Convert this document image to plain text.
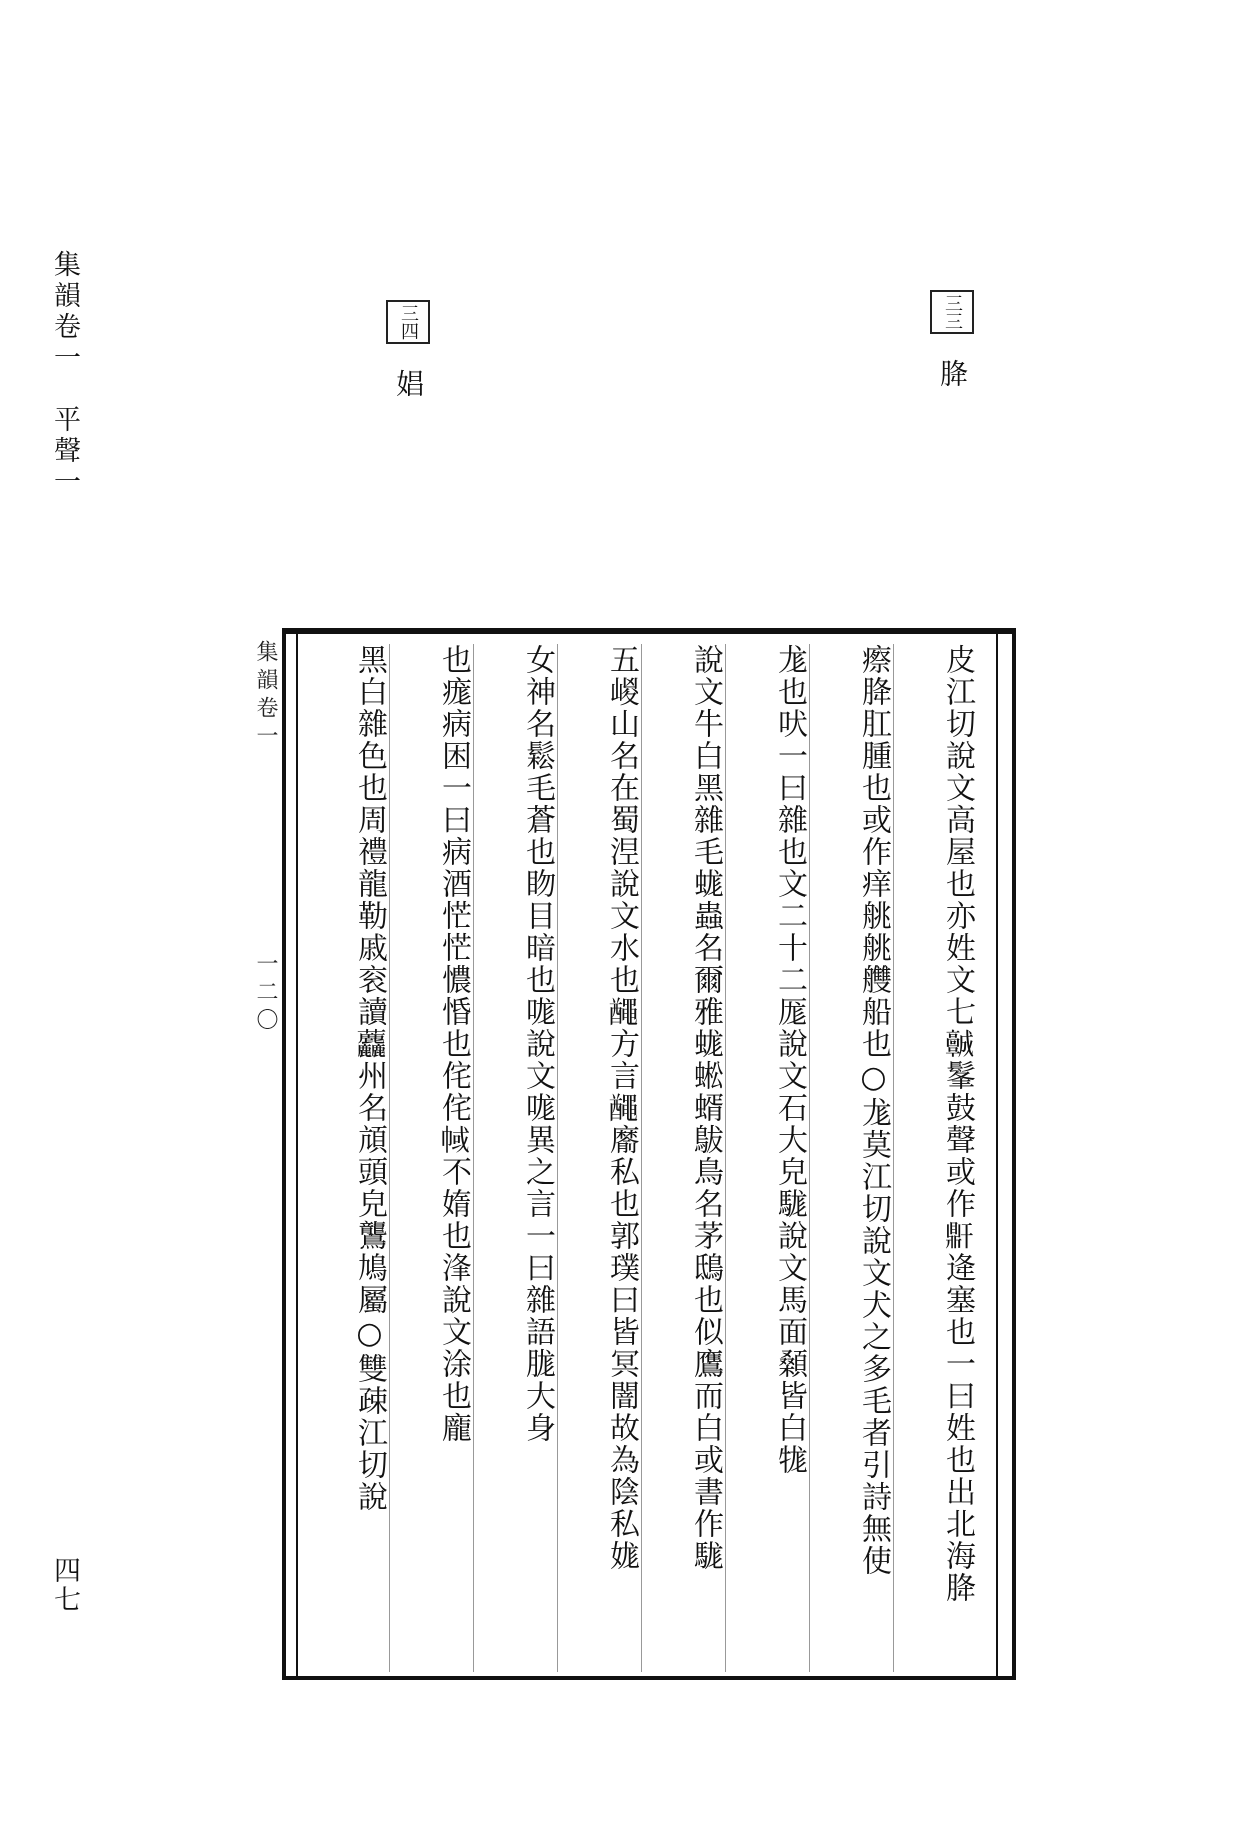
集韻卷一　平聲一
四七
三三 胮
三四 娼
集韻卷一一二〇	皮江切說文高屋也亦姓文七𩫨髼鼓聲或作𪔆逄塞也一曰姓也出北海胮
瘵胮肛腫也或作痒䑬䑬艭船也○尨莫江切說文犬之多毛者引詩無使
尨也吠一曰雜也文二十二厖說文石大皃駹說文馬面顙皆白牻
說文牛白黑雜毛蛖蟲名爾雅蛖蜙蝑䳁鳥名茅鴟也似鷹而白或書作駹
五嵕山名在蜀𣵀說文水也𪓰方言𪓰䵉私也郭璞曰皆冥闇故為陰私娏
女神名鬆毛蒼也䀛目暗也哤說文哤異之言一曰雜語䏵大身
也痝病困一曰病酒恾恾憹惛也侘侘𢃎不媠也浲說文涂也龐
黑白雜色也周禮龍勒戚衮讀𧆓州名頏頭皃鸗鳩屬○雙疎江切說
